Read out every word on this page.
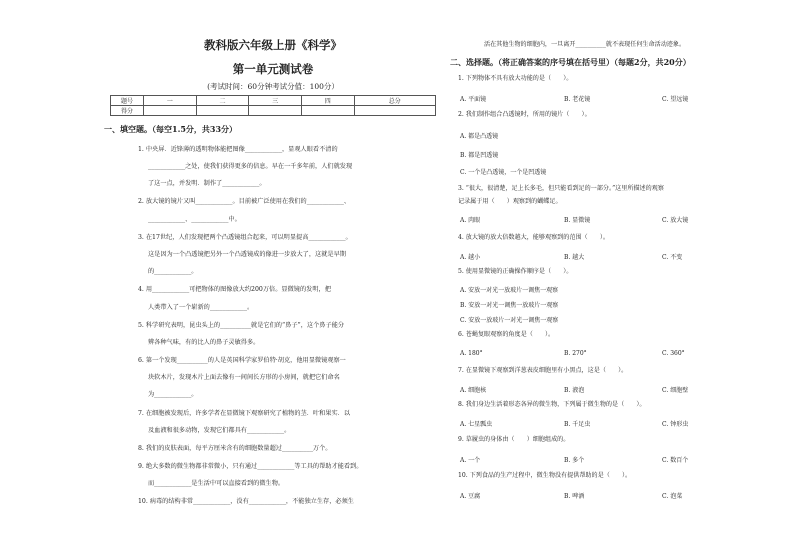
教科版六年级上册《科学》
第一单元测试卷
(考试时间：60分钟考试分值：100分）
题号	一	二	三	四	总分
得分					
一、填空题。（每空1.5分，共33分）
1. 中央屏．近锋薄的透明物体能把图像____________，显观人眼看不清的
____________之处，使我们获得更多的信息。早在一千多年前，人们就发现
了这一点，并发明．制作了____________。
2. 放大镜的镜片又叫____________。目前被广泛使用在我们的____________、
____________、____________中。
3. 在17世纪，人们发现把两个凸透镜组合起来，可以明显提高____________。
这是因为一个凸透镜把另外一个凸透镜成的像进一步放大了，这就是早期
的____________。
4. 用____________可把物体的图像放大约200万倍。显微镜的发明，把
人类带入了一个崭新的____________。
5. 科学研究表明，昆虫头上的__________就是它们的“鼻子”，这个鼻子能分
辨各种气味，有的比人的鼻子灵敏得多。
6. 第一个发现__________的人是英国科学家罗伯特·胡克，他用显微镜观察一
块软木片，发现木片上面去像有一间间长方形的小房间，就把它们命名
为____________。
7. 在细胞被发现后，许多学者在显微镜下观察研究了植物的茎．叶和果实．以
及血液和很多动物，发现它们都具有____________。
8. 我们的皮肤表面，每平方厘米含有的细胞数量超过__________万个。
9. 绝大多数的微生物都非常微小，只有通过____________等工具的帮助才能看到。
而____________是生活中可以直接看到的微生物。
10. 病毒的结构非常____________，没有____________，不能独立生存，必须生
活在其他生物的细胞内，一旦离开__________就不表现任何生命活动迹象。
二、选择题。（将正确答案的序号填在括号里）（每题2分，共20分）
1. 下列物体不具有放大功能的是（　　）。
A. 平面镜	B. 老花镜	C. 望远镜
2. 我们制作组合凸透镜时，所用的镜片（　　）。
A. 都是凸透镜
B. 都是凹透镜
C. 一个是凸透镜，一个是凹透镜
3. “很大，很清楚，足上长多毛，但只能看到足的一部分。”这里所描述的观察
记录属于用（　　）观察到的蝴蝶足。
A. 肉眼	B. 显微镜	C. 放大镜
4. 放大镜的放大倍数越大，能够观察到的范围（　　）。
A. 越小	B. 越大	C. 不变
5. 使用显微镜的正确操作顺序是（　　）。
A. 安放一对光一放玻片一调焦一观察
B. 安放一对光一调焦一放玻片一观察
C. 安放一放玻片一对光一调焦一观察
6. 苍蝇复眼观察的角度是（　　）。
A. 180°	B. 270°	C. 360°
7. 在显微镜下观察到洋葱表皮细胞里有小黑点，这是（　　）。
A. 细胞核	B. 液泡	C. 细胞壁
8. 我们身边生活着形态各异的微生物，下列属于微生物的是（　　）。
A. 七星瓢虫	B. 千足虫	C. 钟形虫
9. 草履虫的身体由（　　）细胞组成的。
A. 一个	B. 多个	C. 数百个
10. 下列食品的生产过程中，微生物没有提供帮助的是（　　）。
A. 豆腐	B. 啤酒	C. 泡菜
